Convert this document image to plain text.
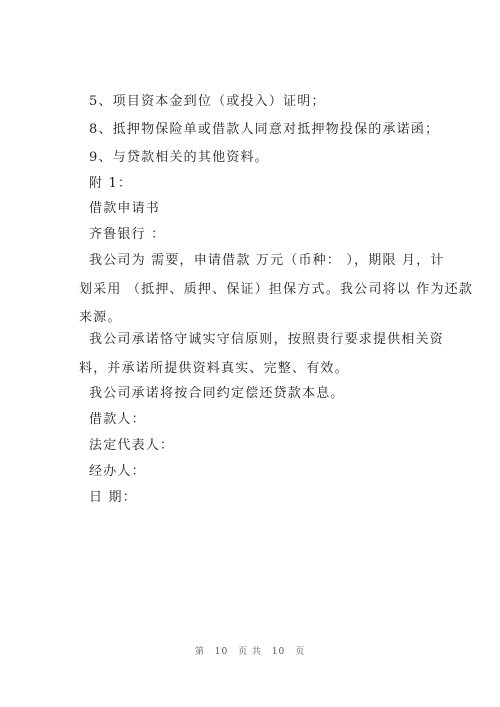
5、项目资本金到位（或投入）证明；
8、抵押物保险单或借款人同意对抵押物投保的承诺函；
9、与贷款相关的其他资料。
附 1：
借款申请书
齐鲁银行 ：
我公司为 需要，申请借款 万元（币种： ），期限 月，计
划采用 （抵押、质押、保证）担保方式。我公司将以 作为还款
来源。
我公司承诺恪守诚实守信原则，按照贵行要求提供相关资
料，并承诺所提供资料真实、完整、有效。
我公司承诺将按合同约定偿还贷款本息。
借款人：
法定代表人：
经办人：
日 期：
第 10 页 共 10 页
